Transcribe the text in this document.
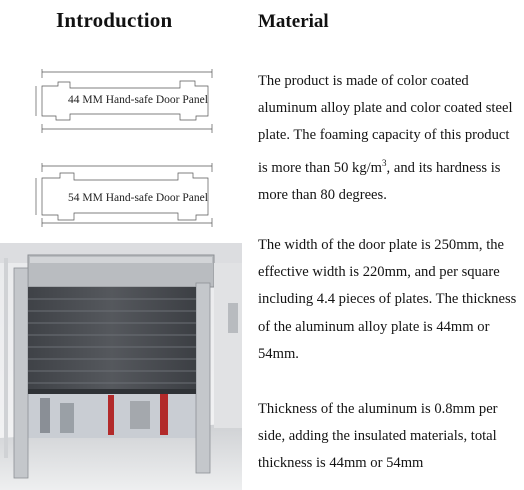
Introduction	Material
44 MM Hand-safe Door Panel
54 MM Hand-safe Door Panel
The product is made of color coated aluminum alloy plate and color coated steel plate. The foaming capacity of this product is more than 50 $kg/m^3$, and its hardness is more than 80 degrees.
The width of the door plate is 250mm, the effective width is 220mm, and per square including 4.4 pieces of plates. The thickness of the aluminum alloy plate is 44mm or 54mm.
Thickness of the aluminum is 0.8mm per side, adding the insulated materials, total thickness is 44mm or 54mm
